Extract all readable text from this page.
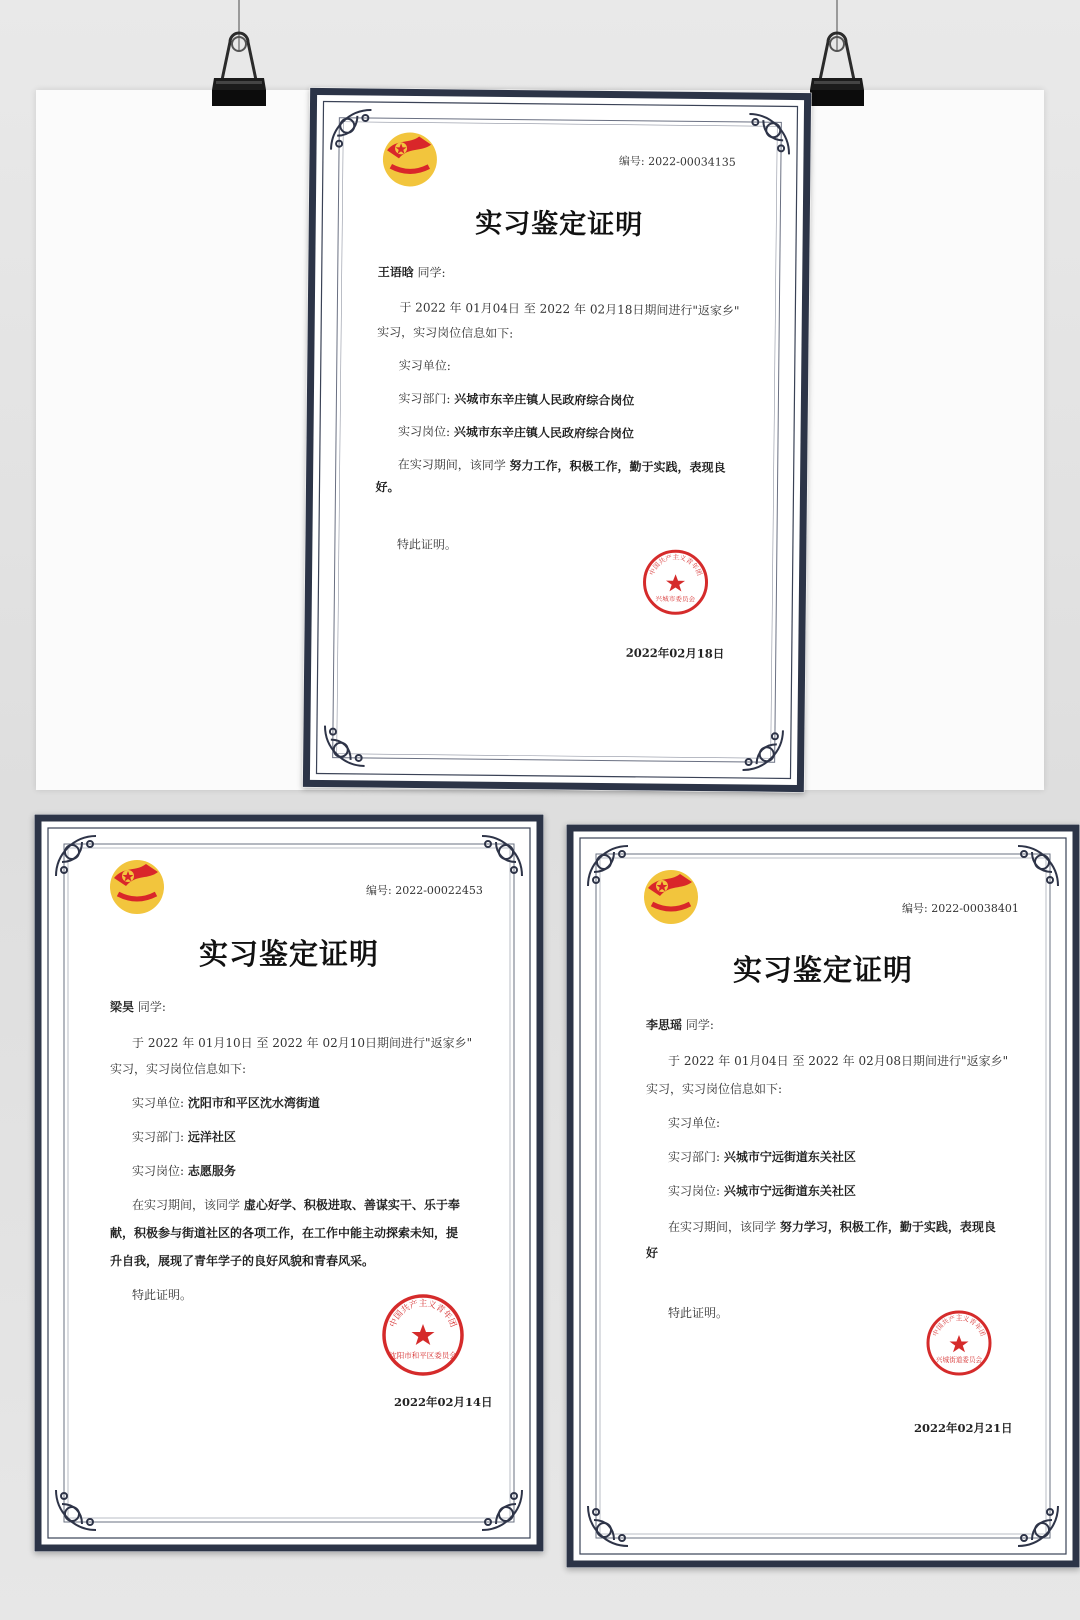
编号: 2022-00034135
实习鉴定证明
王语晗 同学:
于 2022 年 01月04日 至 2022 年 02月18日期间进行"返家乡"
实习，实习岗位信息如下:
实习单位:
实习部门: 兴城市东辛庄镇人民政府综合岗位
实习岗位: 兴城市东辛庄镇人民政府综合岗位
在实习期间，该同学 努力工作，积极工作，勤于实践，表现良
好。
特此证明。
中国共产主义青年团
兴城市委员会
2022年02月18日
编号: 2022-00022453
实习鉴定证明
梁昊 同学:
于 2022 年 01月10日 至 2022 年 02月10日期间进行"返家乡"
实习，实习岗位信息如下:
实习单位: 沈阳市和平区沈水湾街道
实习部门: 远洋社区
实习岗位: 志愿服务
在实习期间，该同学 虚心好学、积极进取、善谋实干、乐于奉
献，积极参与街道社区的各项工作，在工作中能主动探索未知，提
升自我，展现了青年学子的良好风貌和青春风采。
特此证明。
中国共产主义青年团
沈阳市和平区委员会
2022年02月14日
编号: 2022-00038401
实习鉴定证明
李思瑶 同学:
于 2022 年 01月04日 至 2022 年 02月08日期间进行"返家乡"
实习，实习岗位信息如下:
实习单位:
实习部门: 兴城市宁远街道东关社区
实习岗位: 兴城市宁远街道东关社区
在实习期间，该同学 努力学习，积极工作，勤于实践，表现良
好
特此证明。
中国共产主义青年团
兴城街道委员会
2022年02月21日
